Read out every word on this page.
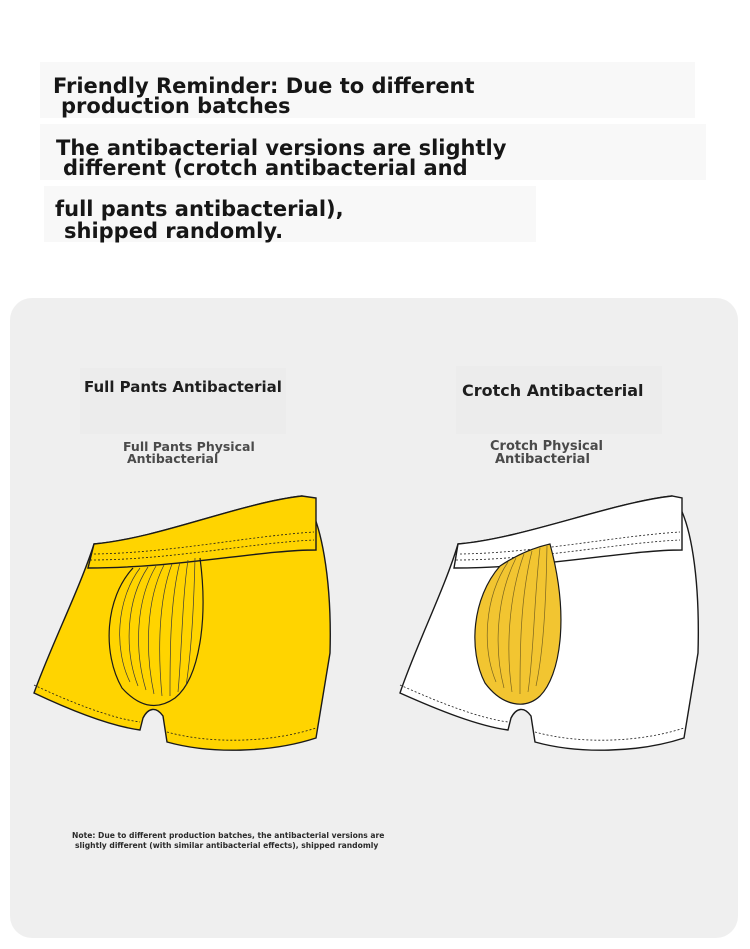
Friendly Reminder: Due to different
production batches
The antibacterial versions are slightly
different (crotch antibacterial and
full pants antibacterial),
shipped randomly.
Full Pants Antibacterial
Full Pants Physical
Antibacterial
Crotch Antibacterial
Crotch Physical
Antibacterial
Note: Due to different production batches, the antibacterial versions are
slightly different (with similar antibacterial effects), shipped randomly
